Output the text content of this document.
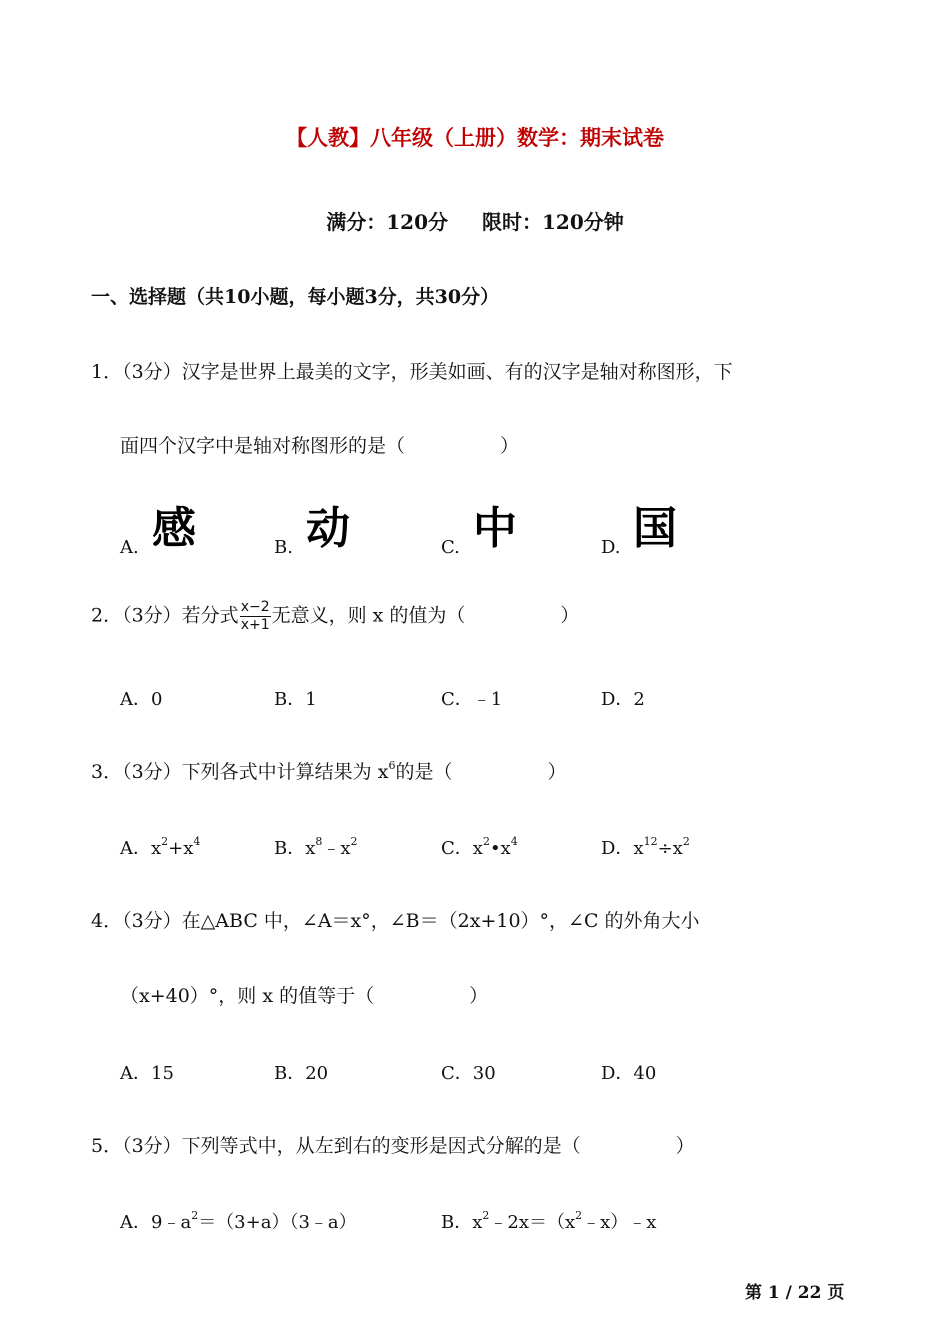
【人教】八年级（上册）数学：期末试卷
满分：120分 限时：120分钟
一、选择题（共10小题，每小题3分，共30分）
1．（3分）汉字是世界上最美的文字，形美如画、有的汉字是轴对称图形，下
面四个汉字中是轴对称图形的是（　　　　　）
A. 感	B. 动	C. 中	D. 国
2．（3分）若分式 $\frac{x-2}{x+1}$ 无意义，则 x 的值为（　　　　　）
A．0	B．1	C．﹣1	D．2
3．（3分）下列各式中计算结果为 $x^6$的是（　　　　　）
A．$x^2+x^4$	B．$x^8﹣x^2$	C．$x^2•x^4$	D．$x^{12}\div x^2$
4．（3分）在△ABC 中，∠A＝x°，∠B＝（2x+10）°，∠C 的外角大小
（x+40）°，则 x 的值等于（　　　　　）
A．15	B．20	C．30	D．40
5．（3分）下列等式中，从左到右的变形是因式分解的是（　　　　　）
A．$9﹣a^2=(3+a)(3﹣a)$	B．$x^2﹣2x=(x^2﹣x)﹣x$
第 1 / 22 页
